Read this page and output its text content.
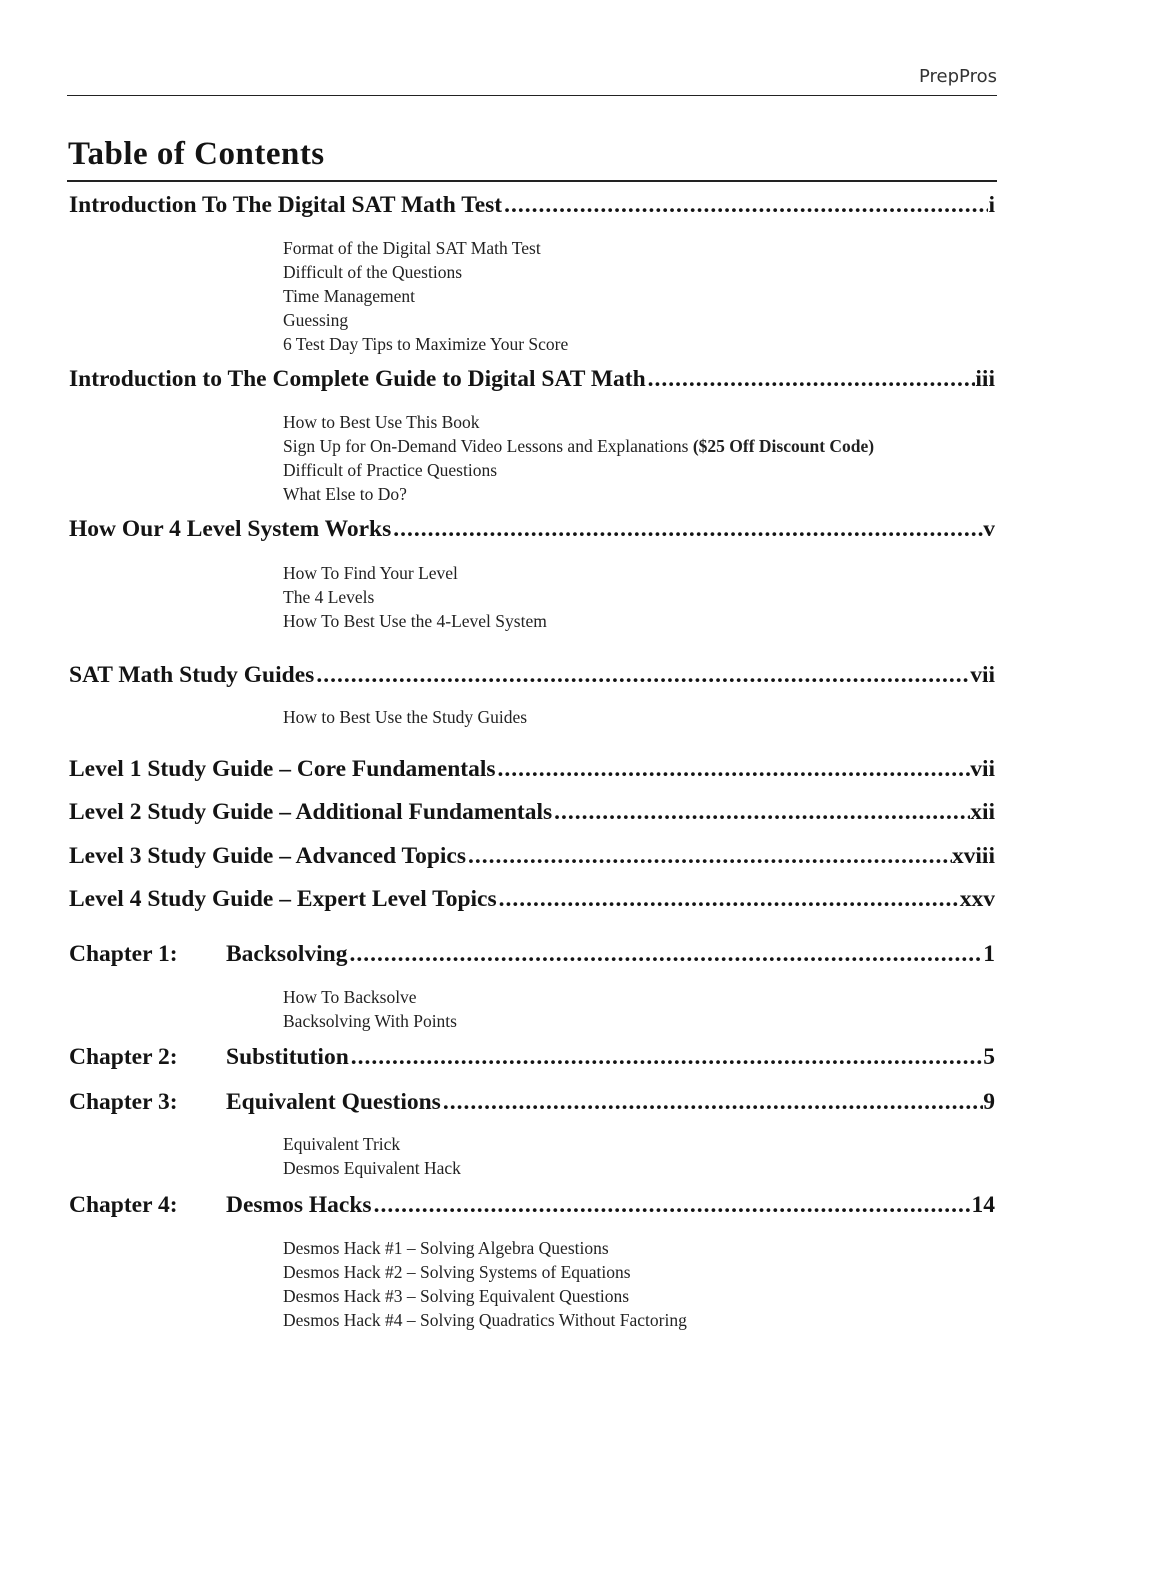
PrepPros
Table of Contents
Introduction To The Digital SAT Math Test .....	i
Format of the Digital SAT Math Test
Difficult of the Questions
Time Management
Guessing
6 Test Day Tips to Maximize Your Score
Introduction to The Complete Guide to Digital SAT Math .....	iii
How to Best Use This Book
Sign Up for On-Demand Video Lessons and Explanations ($25 Off Discount Code)
Difficult of Practice Questions
What Else to Do?
How Our 4 Level System Works .....	v
How To Find Your Level
The 4 Levels
How To Best Use the 4-Level System
SAT Math Study Guides .....	vii
How to Best Use the Study Guides
Level 1 Study Guide – Core Fundamentals .....	vii
Level 2 Study Guide – Additional Fundamentals .....	xii
Level 3 Study Guide – Advanced Topics .....	xviii
Level 4 Study Guide – Expert Level Topics .....	xxv
Chapter 1:	Backsolving .....	1
How To Backsolve
Backsolving With Points
Chapter 2:	Substitution .....	5
Chapter 3:	Equivalent Questions .....	9
Equivalent Trick
Desmos Equivalent Hack
Chapter 4:	Desmos Hacks .....	14
Desmos Hack #1 – Solving Algebra Questions
Desmos Hack #2 – Solving Systems of Equations
Desmos Hack #3 – Solving Equivalent Questions
Desmos Hack #4 – Solving Quadratics Without Factoring
